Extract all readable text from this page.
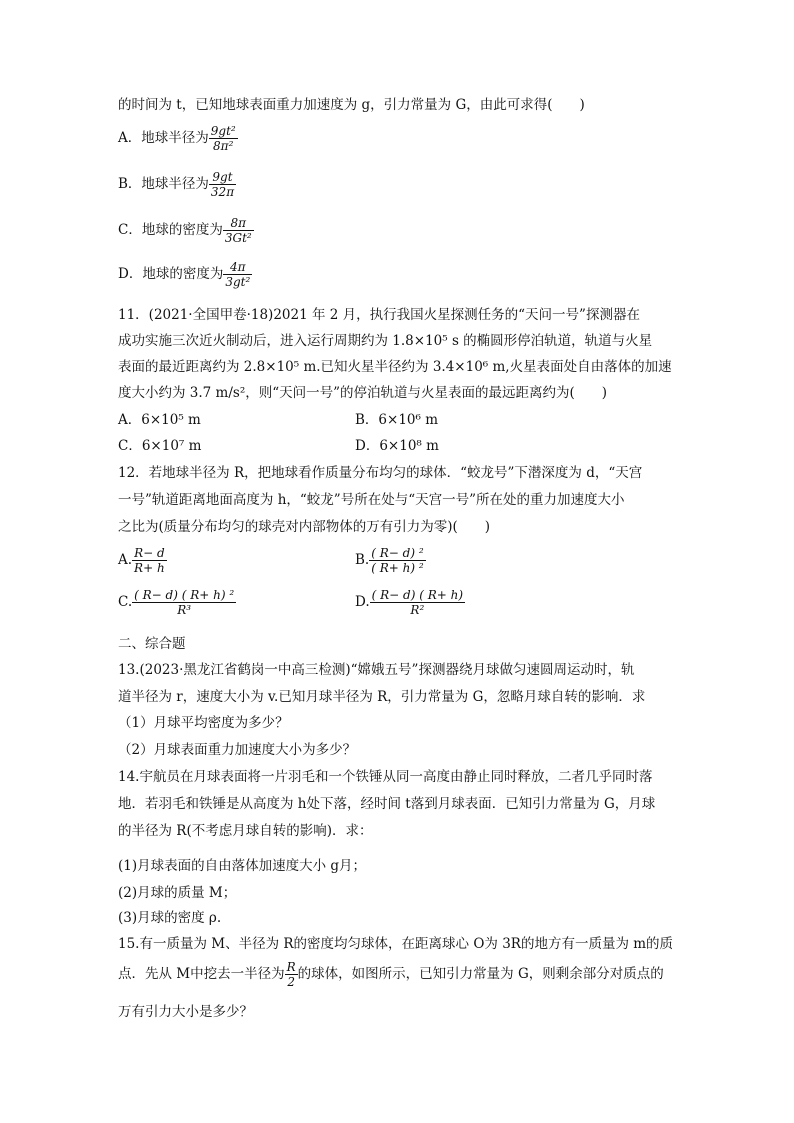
的时间为 t，已知地球表面重力加速度为 g，引力常量为 G，由此可求得(　　)
A．地球半径为 $\frac{\text{9gt²}}{\text{8π²}}$
B．地球半径为 $\frac{9gt}{32\pi}$
C．地球的密度为 $\frac{8\pi}{\text{3Gt²}}$
D．地球的密度为 $\frac{4\pi}{\text{3gt²}}$
11．(2021·全国甲卷·18)2021 年 2 月，执行我国火星探测任务的“天问一号”探测器在
成功实施三次近火制动后，进入运行周期约为 1.8×10⁵ s 的椭圆形停泊轨道，轨道与火星
表面的最近距离约为 2.8×10⁵ m.已知火星半径约为 3.4×10⁶ m,火星表面处自由落体的加速
度大小约为 3.7 m/s²，则“天问一号”的停泊轨道与火星表面的最远距离约为(　　)
A．6×10⁵ m	B．6×10⁶ m
C．6×10⁷ m	D．6×10⁸ m
12．若地球半径为 R，把地球看作质量分布均匀的球体．“蛟龙号”下潜深度为 d，“天宫
一号”轨道距离地面高度为 h，“蛟龙”号所在处与“天宫一号”所在处的重力加速度大小
之比为(质量分布均匀的球壳对内部物体的万有引力为零)(　　)
A. $\frac{R- d}{R+ h}$	B. $\frac{\text{( R− d) ²}}{\text{( R+ h) ²}}$
C. $\frac{\text{( R− d) ( R+ h) ²}}{\text{R³}}$	D. $\frac{( R- d) ( R+ h)}{\text{R²}}$
二、综合题
13.(2023·黑龙江省鹤岗一中高三检测)“嫦娥五号”探测器绕月球做匀速圆周运动时，轨
道半径为 r，速度大小为 v.已知月球半径为 R，引力常量为 G，忽略月球自转的影响．求
（1）月球平均密度为多少？
（2）月球表面重力加速度大小为多少？
14.宇航员在月球表面将一片羽毛和一个铁锤从同一高度由静止同时释放，二者几乎同时落
地．若羽毛和铁锤是从高度为 h处下落，经时间 t落到月球表面．已知引力常量为 G，月球
的半径为 R(不考虑月球自转的影响)．求：
(1)月球表面的自由落体加速度大小 g月；
(2)月球的质量 M；
(3)月球的密度 ρ.
15.有一质量为 M、半径为 R的密度均匀球体，在距离球心 O为 3R的地方有一质量为 m的质
点．先从 M中挖去一半径为 $\frac{R}{2}$ 的球体，如图所示，已知引力常量为 G，则剩余部分对质点的
万有引力大小是多少？
